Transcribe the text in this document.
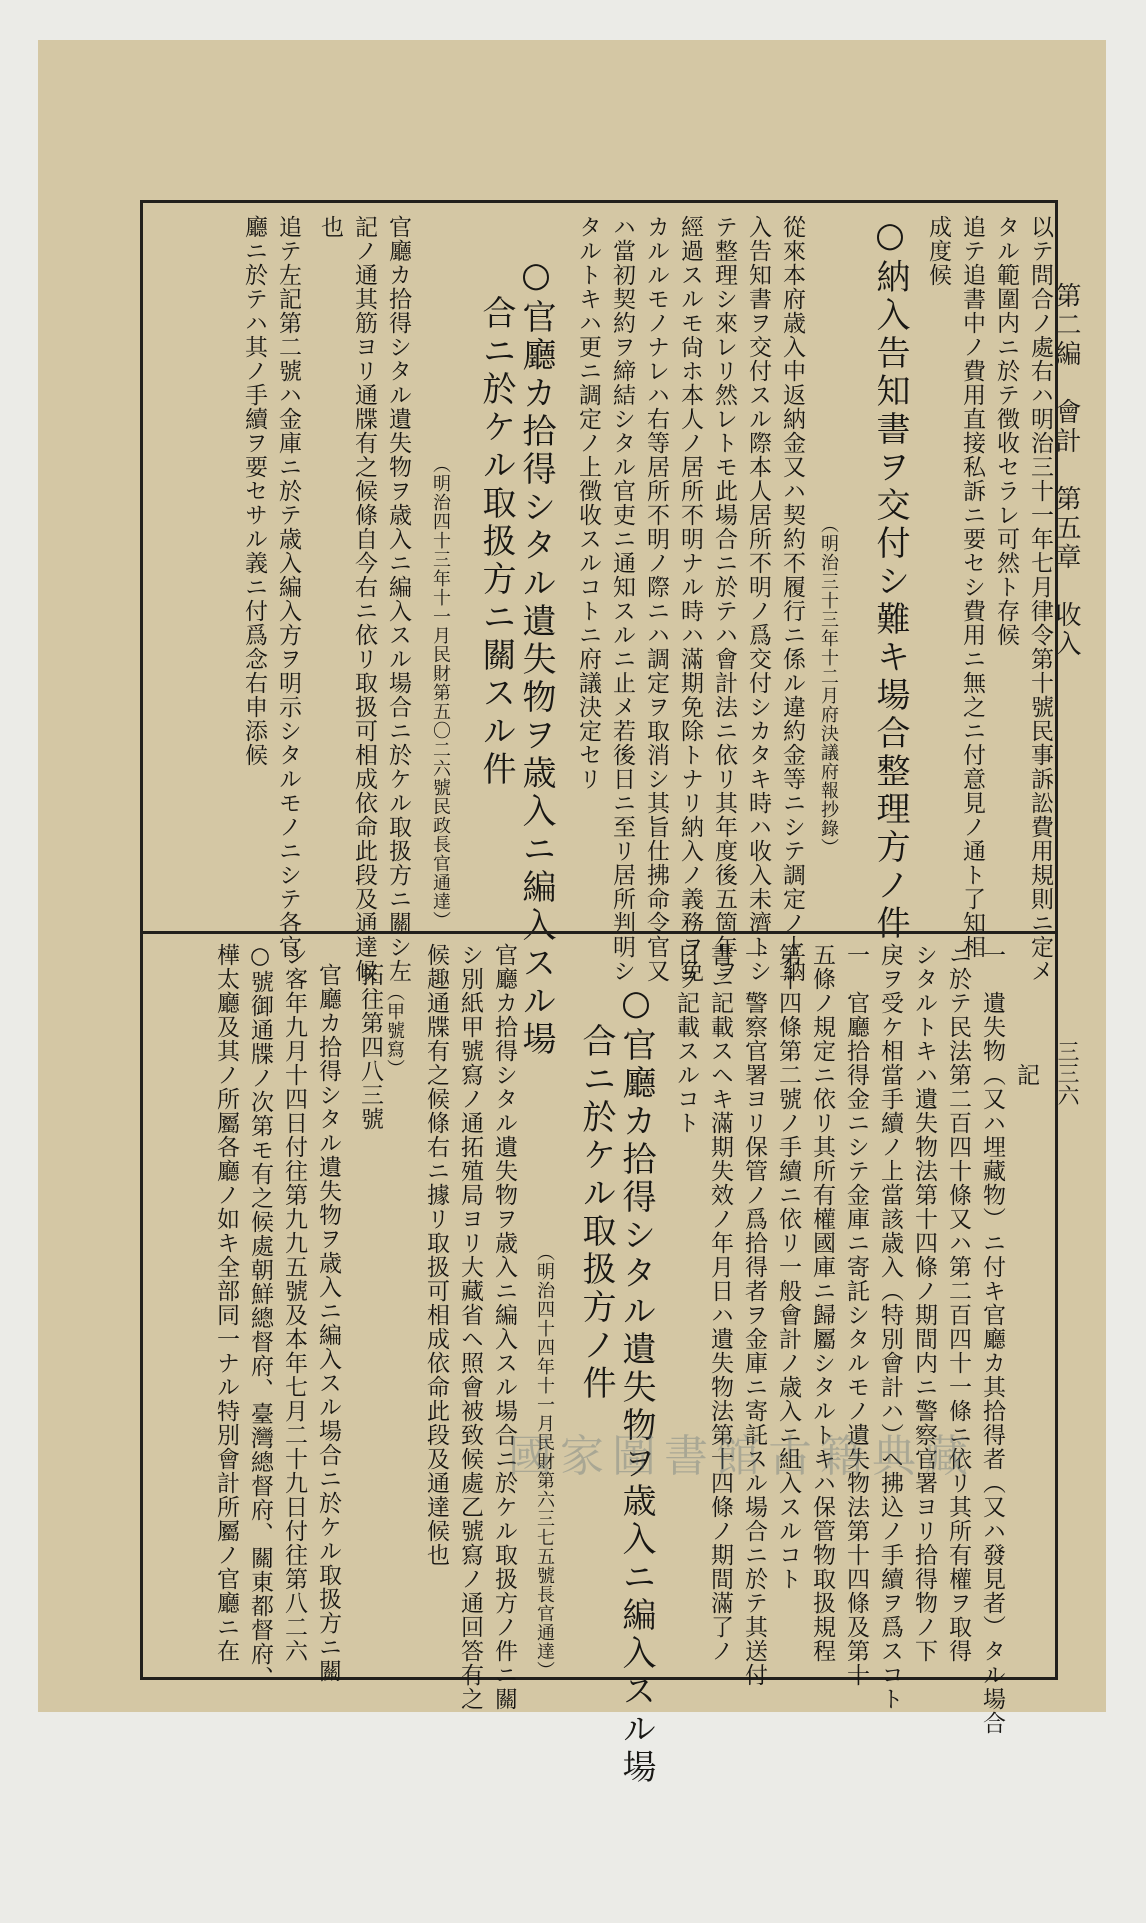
第二編　會計　第五章　收入
三三六
以テ問合ノ處右ハ明治三十一年七月律令第十號民事訴訟費用規則ニ定メ
タル範圍内ニ於テ徴收セラレ可然ト存候
追テ追書中ノ費用直接私訴ニ要セシ費用ニ無之ニ付意見ノ通ト了知相
成度候
○納入告知書ヲ交付シ難キ場合整理方ノ件
（明治三十三年十二月府決議府報抄錄）
從來本府歳入中返納金又ハ契約不履行ニ係ル違約金等ニシテ調定ノ上納
入告知書ヲ交付スル際本人居所不明ノ爲交付シカタキ時ハ收入未濟トシ
テ整理シ來レリ然レトモ此場合ニ於テハ會計法ニ依リ其年度後五箇年ヲ
經過スルモ尙ホ本人ノ居所不明ナル時ハ滿期免除トナリ納入ノ義務ヲ免
カルルモノナレハ右等居所不明ノ際ニハ調定ヲ取消シ其旨仕拂命令官又
ハ當初契約ヲ締結シタル官吏ニ通知スルニ止メ若後日ニ至リ居所判明シ
タルトキハ更ニ調定ノ上徴收スルコトニ府議決定セリ
○官廳カ拾得シタル遺失物ヲ歳入ニ編入スル場
合ニ於ケル取扱方ニ關スル件
（明治四十三年十一月民財第五〇二六號民政長官通達）
官廳カ拾得シタル遺失物ヲ歳入ニ編入スル場合ニ於ケル取扱方ニ關シ左
記ノ通其筋ヨリ通牒有之候條自今右ニ依リ取扱可相成依命此段及通達候
也
追テ左記第二號ハ金庫ニ於テ歳入編入方ヲ明示シタルモノニシテ各官
廳ニ於テハ其ノ手續ヲ要セサル義ニ付爲念右申添候
記
一　遺失物（又ハ埋藏物）ニ付キ官廳カ其拾得者（又ハ發見者）タル場合
ニ於テ民法第二百四十條又ハ第二百四十一條ニ依リ其所有權ヲ取得
シタルトキハ遺失物法第十四條ノ期間内ニ警察官署ヨリ拾得物ノ下
戾ヲ受ケ相當手續ノ上當該歳入（特別會計ハ）ヘ拂込ノ手續ヲ爲スコト
一　官廳拾得金ニシテ金庫ニ寄託シタルモノ遺失物法第十四條及第十
五條ノ規定ニ依リ其所有權國庫ニ歸屬シタルトキハ保管物取扱規程
第十四條第二號ノ手續ニ依リ一般會計ノ歳入ニ組入スルコト
一　警察官署ヨリ保管ノ爲拾得者ヲ金庫ニ寄託スル場合ニ於テ其送付
書ニ記載スヘキ滿期失效ノ年月日ハ遺失物法第十四條ノ期間滿了ノ
日ヲ記載スルコト
○官廳カ拾得シタル遺失物ヲ歳入ニ編入スル場
合ニ於ケル取扱方ノ件
（明治四十四年十一月民財第六三七五號長官通達）
官廳カ拾得シタル遺失物ヲ歳入ニ編入スル場合ニ於ケル取扱方ノ件ニ關
シ別紙甲號寫ノ通拓殖局ヨリ大藏省ヘ照會被致候處乙號寫ノ通回答有之
候趣通牒有之候條右ニ據リ取扱可相成依命此段及通達候也
（甲號寫）
拓往第四八三號
官廳カ拾得シタル遺失物ヲ歳入ニ編入スル場合ニ於ケル取扱方ニ關
シ客年九月十四日付往第九九五號及本年七月二十九日付往第八二六
○號御通牒ノ次第モ有之候處朝鮮總督府、臺灣總督府、關東都督府、
樺太廳及其ノ所屬各廳ノ如キ全部同一ナル特別會計所屬ノ官廳ニ在	國家圖書館古籍典藏
